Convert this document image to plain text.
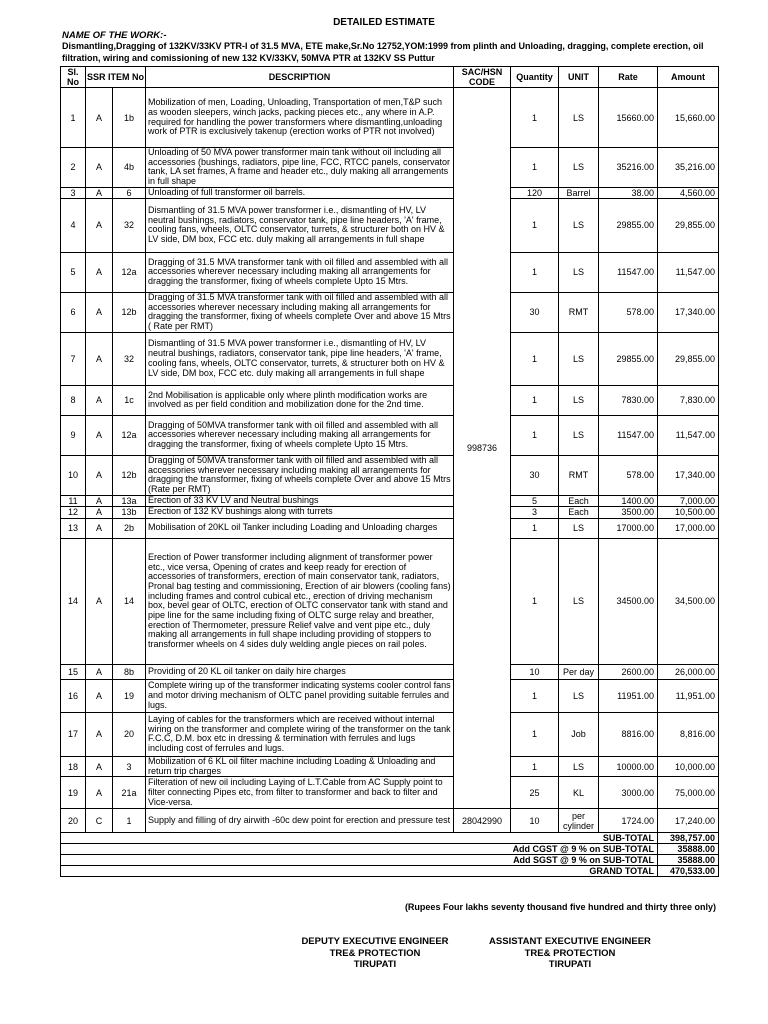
DETAILED ESTIMATE
NAME OF THE WORK:-
Dismantling,Dragging of 132KV/33KV PTR-I of 31.5 MVA, ETE make,Sr.No 12752,YOM:1999 from plinth and Unloading, dragging, complete erection, oil filtration, wiring and comissioning of new 132 KV/33KV, 50MVA PTR at 132KV SS Puttur
Sl. No	SSR ITEM No		DESCRIPTION	SAC/HSN CODE	Quantity	UNIT	Rate	Amount
1	A	1b	Mobilization of men, Loading, Unloading, Transportation of men,T&P such as wooden sleepers, winch jacks, packing pieces etc., any where in A.P. required for handling the power transformers where dismantling,unloading work of PTR is exclusively takenup (erection works of PTR not involved)	998736	1	LS	15660.00	15,660.00
2	A	4b	Unloading of 50 MVA power transformer main tank without oil including all accessories (bushings, radiators, pipe line, FCC, RTCC panels, conservator tank, LA set frames, A frame and header etc., duly making all arrangements in full shape		1	LS	35216.00	35,216.00
3	A	6	Unloading of full transformer oil barrels.		120	Barrel	38.00	4,560.00
4	A	32	Dismantling of 31.5 MVA power transformer i.e., dismantling of HV, LV neutral bushings, radiators, conservator tank, pipe line headers, 'A' frame, cooling fans, wheels, OLTC conservator, turrets, & structurer both on HV & LV side, DM box, FCC etc. duly making all arrangements in full shape		1	LS	29855.00	29,855.00
5	A	12a	Dragging of 31.5 MVA transformer tank with oil filled and assembled with all accessories wherever necessary including making all arrangements for dragging the transformer, fixing of wheels complete Upto 15 Mtrs.		1	LS	11547.00	11,547.00
6	A	12b	Dragging of 31.5 MVA transformer tank with oil filled and assembled with all accessories wherever necessary including making all arrangements for dragging the transformer, fixing of wheels complete Over and above 15 Mtrs ( Rate per RMT)		30	RMT	578.00	17,340.00
7	A	32	Dismantling of 31.5 MVA power transformer i.e., dismantling of HV, LV neutral bushings, radiators, conservator tank, pipe line headers, 'A' frame, cooling fans, wheels, OLTC conservator, turrets, & structurer both on HV & LV side, DM box, FCC etc. duly making all arrangements in full shape		1	LS	29855.00	29,855.00
8	A	1c	2nd Mobilisation is applicable only where plinth modification works are involved as per field condition and mobilization done for the 2nd time.		1	LS	7830.00	7,830.00
9	A	12a	Dragging of 50MVA transformer tank with oil filled and assembled with all accessories wherever necessary including making all arrangements for dragging the transformer, fixing of wheels complete Upto 15 Mtrs.		1	LS	11547.00	11,547.00
10	A	12b	Dragging of 50MVA transformer tank with oil filled and assembled with all accessories wherever necessary including making all arrangements for dragging the transformer, fixing of wheels complete Over and above 15 Mtrs (Rate per RMT)		30	RMT	578.00	17,340.00
11	A	13a	Erection of 33 KV LV and Neutral bushings		5	Each	1400.00	7,000.00
12	A	13b	Erection of 132 KV bushings along with turrets		3	Each	3500.00	10,500.00
13	A	2b	Mobilisation of 20KL oil Tanker including Loading and Unloading charges		1	LS	17000.00	17,000.00
14	A	14	Erection of Power transformer including alignment of transformer power etc., vice versa, Opening of crates and keep ready for erection of accessories of transformers, erection of main conservator tank, radiators, Pronal bag testing and commissioning, Erection of air blowers (cooling fans) including frames and control cubical etc., erection of driving mechanism box, bevel gear of OLTC, erection of OLTC conservator tank with stand and pipe line for the same including fixing of OLTC surge relay and breather, erection of Thermometer, pressure Relief valve and vent pipe etc., duly making all arrangements in full shape including providing of stoppers to transformer wheels on 4 sides duly welding angle pieces on rail poles.		1	LS	34500.00	34,500.00
15	A	8b	Providing of 20 KL oil tanker on daily hire charges		10	Per day	2600.00	26,000.00
16	A	19	Complete wiring up of the transformer indicating systems cooler control fans and motor driving mechanism of OLTC panel providing suitable ferrules and lugs.		1	LS	11951.00	11,951.00
17	A	20	Laying of cables for the transformers which are received without internal wiring on the transformer and complete wiring of the transformer on the tank F.C.C, D.M. box etc in dressing & termination with ferrules and lugs including cost of ferrules and lugs.		1	Job	8816.00	8,816.00
18	A	3	Mobilization of 6 KL oil filter machine including Loading & Unloading and return trip charges		1	LS	10000.00	10,000.00
19	A	21a	Filteration of new oil including Laying of L.T.Cable from AC Supply point to filter connecting Pipes etc, from filter to transformer and back to filter and Vice-versa.		25	KL	3000.00	75,000.00
20	C	1	Supply and filling of dry airwith -60c dew point for erection and pressure test	28042990	10	per cylinder	1724.00	17,240.00
SUB-TOTAL								398,757.00
Add CGST @ 9 % on SUB-TOTAL								35888.00
Add SGST @ 9 % on SUB-TOTAL								35888.00
GRAND TOTAL								470,533.00
(Rupees Four lakhs seventy thousand five hundred and thirty three only)
DEPUTY EXECUTIVE ENGINEER
TRE& PROTECTION
TIRUPATI
ASSISTANT EXECUTIVE ENGINEER
TRE& PROTECTION
TIRUPATI
